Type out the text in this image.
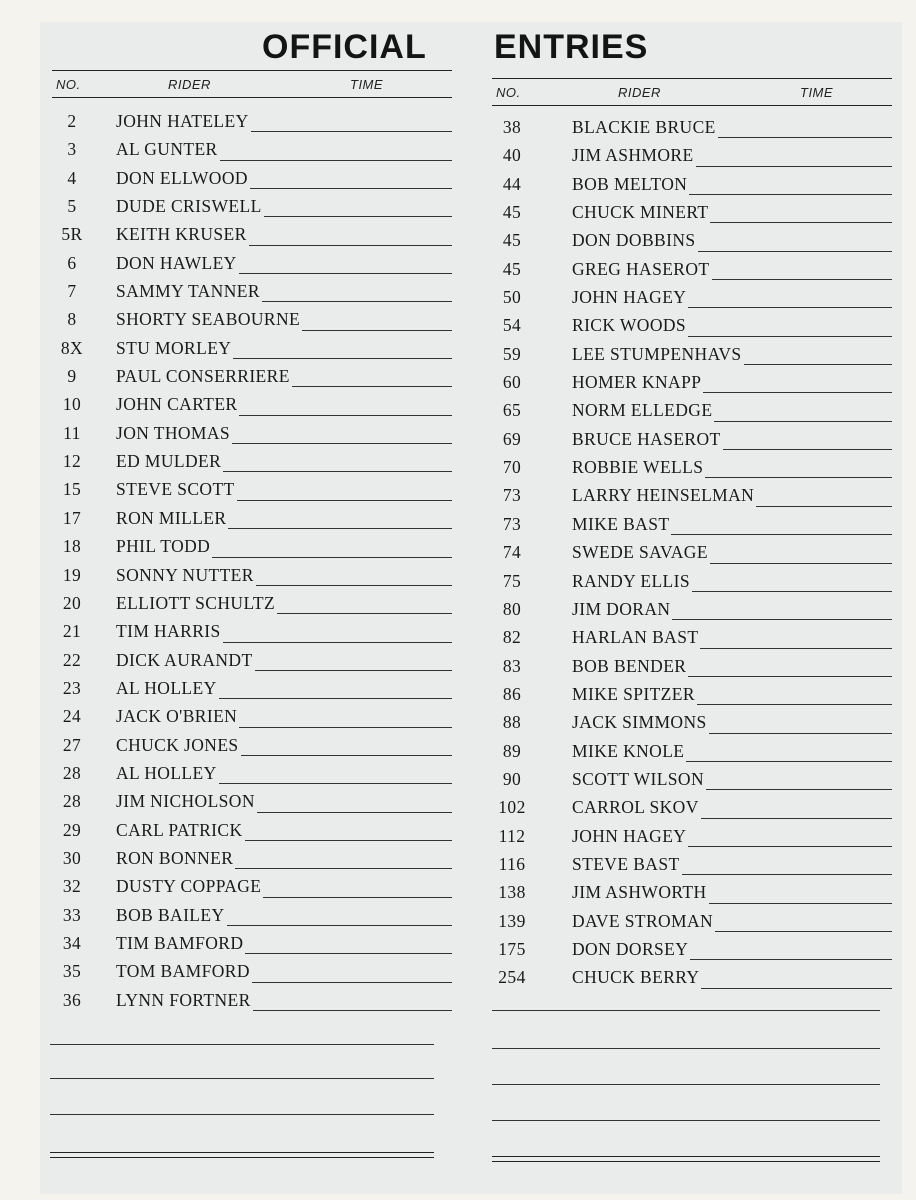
OFFICIAL ENTRIES
NO.	RIDER	TIME
2	JOHN HATELEY
3	AL GUNTER
4	DON ELLWOOD
5	DUDE CRISWELL
5R	KEITH KRUSER
6	DON HAWLEY
7	SAMMY TANNER
8	SHORTY SEABOURNE
8X	STU MORLEY
9	PAUL CONSERRIERE
10	JOHN CARTER
11	JON THOMAS
12	ED MULDER
15	STEVE SCOTT
17	RON MILLER
18	PHIL TODD
19	SONNY NUTTER
20	ELLIOTT SCHULTZ
21	TIM HARRIS
22	DICK AURANDT
23	AL HOLLEY
24	JACK O'BRIEN
27	CHUCK JONES
28	AL HOLLEY
28	JIM NICHOLSON
29	CARL PATRICK
30	RON BONNER
32	DUSTY COPPAGE
33	BOB BAILEY
34	TIM BAMFORD
35	TOM BAMFORD
36	LYNN FORTNER
NO.	RIDER	TIME
38	BLACKIE BRUCE
40	JIM ASHMORE
44	BOB MELTON
45	CHUCK MINERT
45	DON DOBBINS
45	GREG HASEROT
50	JOHN HAGEY
54	RICK WOODS
59	LEE STUMPENHAVS
60	HOMER KNAPP
65	NORM ELLEDGE
69	BRUCE HASEROT
70	ROBBIE WELLS
73	LARRY HEINSELMAN
73	MIKE BAST
74	SWEDE SAVAGE
75	RANDY ELLIS
80	JIM DORAN
82	HARLAN BAST
83	BOB BENDER
86	MIKE SPITZER
88	JACK SIMMONS
89	MIKE KNOLE
90	SCOTT WILSON
102	CARROL SKOV
112	JOHN HAGEY
116	STEVE BAST
138	JIM ASHWORTH
139	DAVE STROMAN
175	DON DORSEY
254	CHUCK BERRY
